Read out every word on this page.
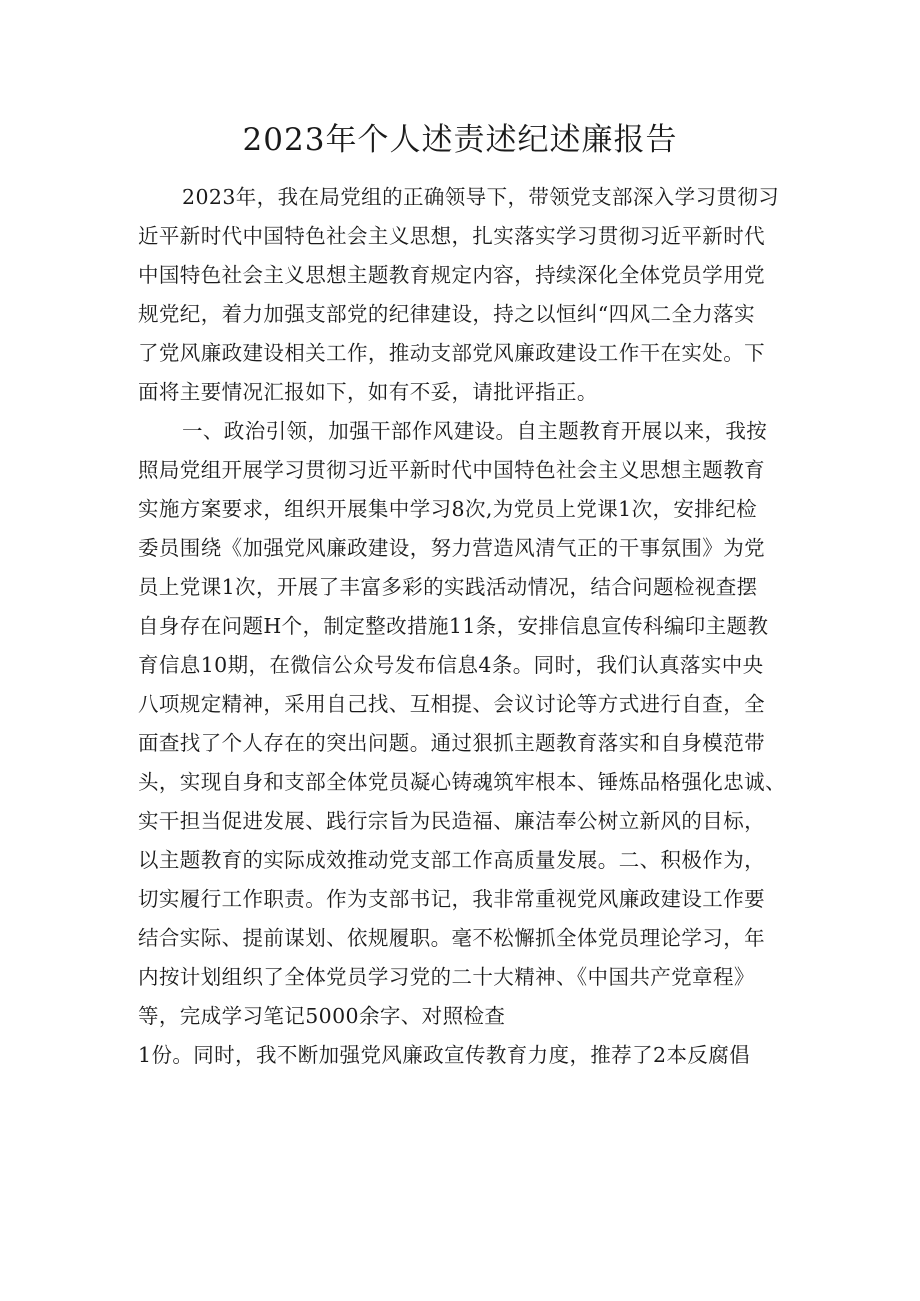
2023年个人述责述纪述廉报告
2023年，我在局党组的正确领导下，带领党支部深入学习贯彻习
近平新时代中国特色社会主义思想，扎实落实学习贯彻习近平新时代
中国特色社会主义思想主题教育规定内容，持续深化全体党员学用党
规党纪，着力加强支部党的纪律建设，持之以恒纠“四风二全力落实
了党风廉政建设相关工作，推动支部党风廉政建设工作干在实处。下
面将主要情况汇报如下，如有不妥，请批评指正。
一、政治引领，加强干部作风建设。自主题教育开展以来，我按
照局党组开展学习贯彻习近平新时代中国特色社会主义思想主题教育
实施方案要求，组织开展集中学习8次,为党员上党课1次，安排纪检
委员围绕《加强党风廉政建设，努力营造风清气正的干事氛围》为党
员上党课1次，开展了丰富多彩的实践活动情况，结合问题检视查摆
自身存在问题H个，制定整改措施11条，安排信息宣传科编印主题教
育信息10期，在微信公众号发布信息4条。同时，我们认真落实中央
八项规定精神，采用自己找、互相提、会议讨论等方式进行自查，全
面查找了个人存在的突出问题。通过狠抓主题教育落实和自身模范带
头，实现自身和支部全体党员凝心铸魂筑牢根本、锤炼品格强化忠诚、
实干担当促进发展、践行宗旨为民造福、廉洁奉公树立新风的目标，
以主题教育的实际成效推动党支部工作高质量发展。二、积极作为，
切实履行工作职责。作为支部书记，我非常重视党风廉政建设工作要
结合实际、提前谋划、依规履职。毫不松懈抓全体党员理论学习，年
内按计划组织了全体党员学习党的二十大精神、《中国共产党章程》
等，完成学习笔记5000余字、对照检查
1份。同时，我不断加强党风廉政宣传教育力度，推荐了2本反腐倡
